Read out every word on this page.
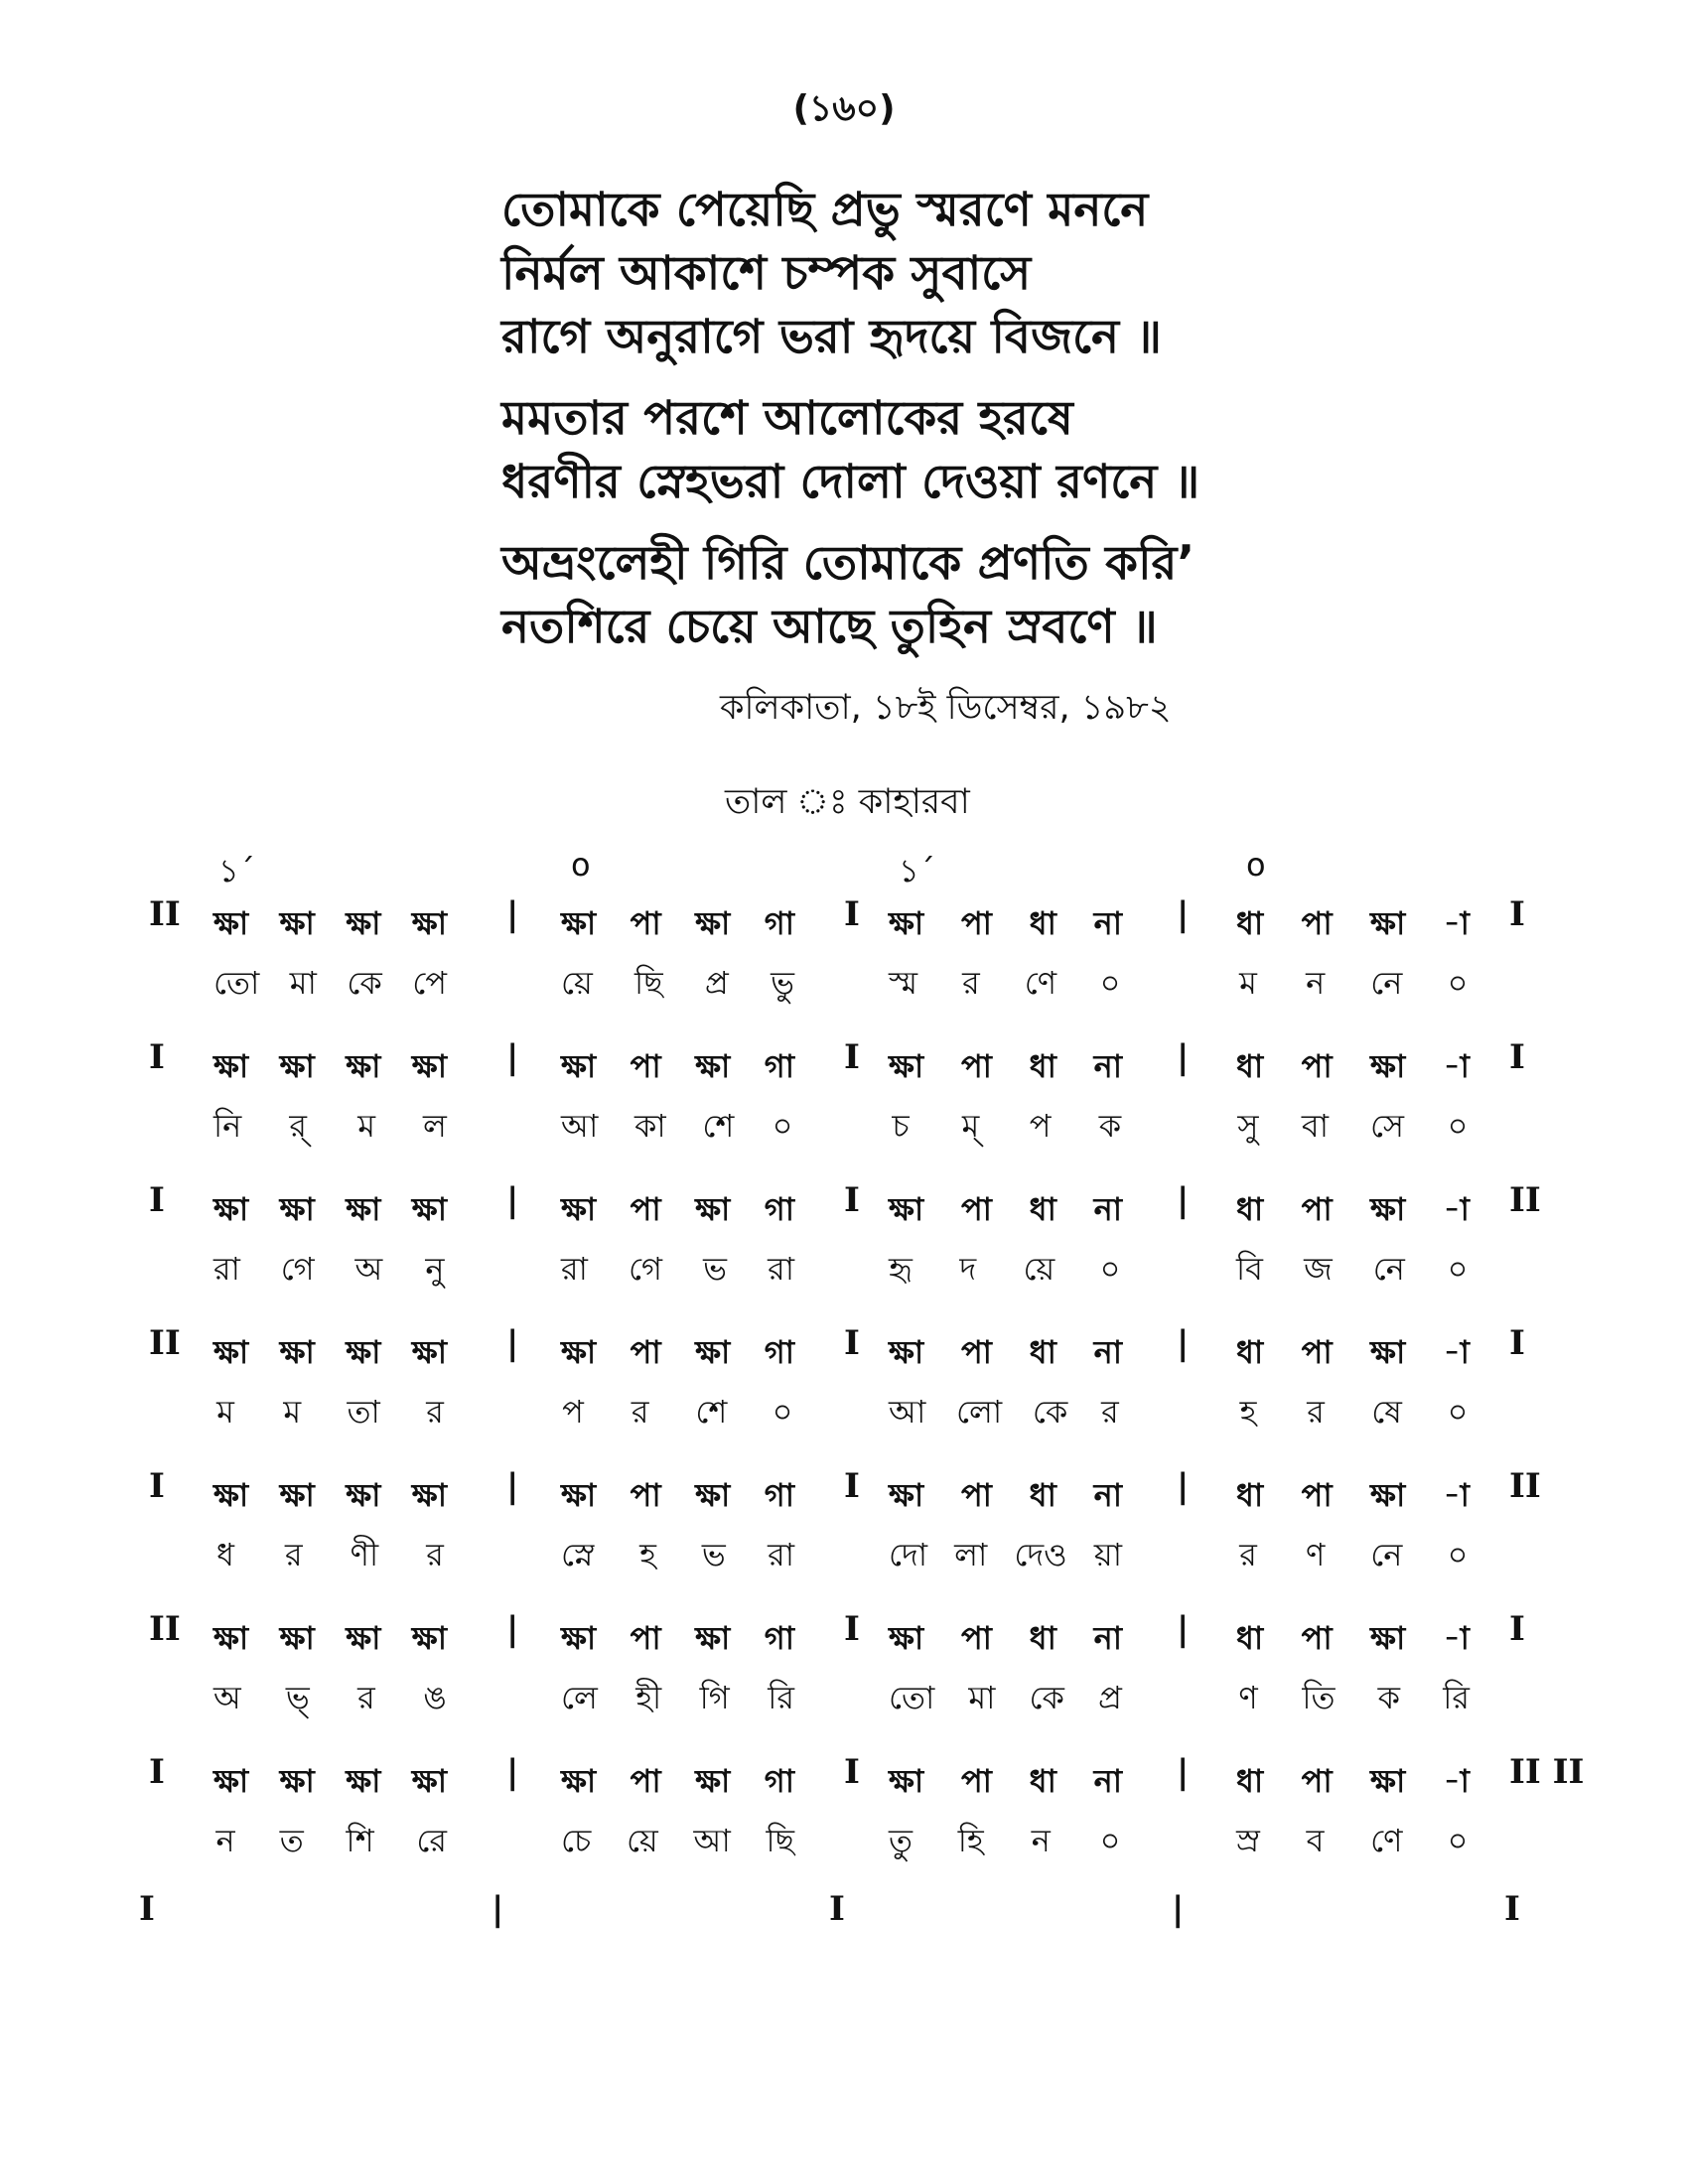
(১৬০)
তোমাকে পেয়েছি প্রভু স্মরণে মননে
নির্মল আকাশে চম্পক সুবাসে
রাগে অনুরাগে ভরা হৃদয়ে বিজনে ॥
মমতার পরশে আলোকের হরষে
ধরণীর স্নেহভরা দোলা দেওয়া রণনে ॥
অভ্রংলেহী গিরি তোমাকে প্রণতি করি’
নতশিরে চেয়ে আছে তুহিন স্রবণে ॥
কলিকাতা, ১৮ই ডিসেম্বর, ১৯৮২
তাল ঃ কাহারবা
১´	o	১´	o
II	|	I	|	I
ক্ষা ক্ষা ক্ষা ক্ষা	ক্ষা পা ক্ষা গা	ক্ষা পা ধা না	ধা পা ক্ষা -া
তো মা কে পে	য়ে ছি প্র ভু	স্ম র ণে ০	ম ন নে ০
I	|	I	|	I
ক্ষা ক্ষা ক্ষা ক্ষা	ক্ষা পা ক্ষা গা	ক্ষা পা ধা না	ধা পা ক্ষা -া
নি র্ ম ল	আ কা শে ০	চ ম্ প ক	সু বা সে ০
I	|	I	|	II
ক্ষা ক্ষা ক্ষা ক্ষা	ক্ষা পা ক্ষা গা	ক্ষা পা ধা না	ধা পা ক্ষা -া
রা গে অ নু	রা গে ভ রা	হৃ দ য়ে ০	বি জ নে ০
II	|	I	|	I
ক্ষা ক্ষা ক্ষা ক্ষা	ক্ষা পা ক্ষা গা	ক্ষা পা ধা না	ধা পা ক্ষা -া
ম ম তা র	প র শে ০	আ লো কে র	হ র ষে ০
I	|	I	|	II
ক্ষা ক্ষা ক্ষা ক্ষা	ক্ষা পা ক্ষা গা	ক্ষা পা ধা না	ধা পা ক্ষা -া
ধ র ণী র	স্নে হ ভ রা	দো লা দেও য়া	র ণ নে ০
II	|	I	|	I
ক্ষা ক্ষা ক্ষা ক্ষা	ক্ষা পা ক্ষা গা	ক্ষা পা ধা না	ধা পা ক্ষা -া
অ ভ্ র ঙ	লে হী গি রি	তো মা কে প্র	ণ তি ক রি
I	|	I	|	II II
ক্ষা ক্ষা ক্ষা ক্ষা	ক্ষা পা ক্ষা গা	ক্ষা পা ধা না	ধা পা ক্ষা -া
ন ত শি রে	চে য়ে আ ছি	তু হি ন ০	স্র ব ণে ০
I	|	I	|	I
